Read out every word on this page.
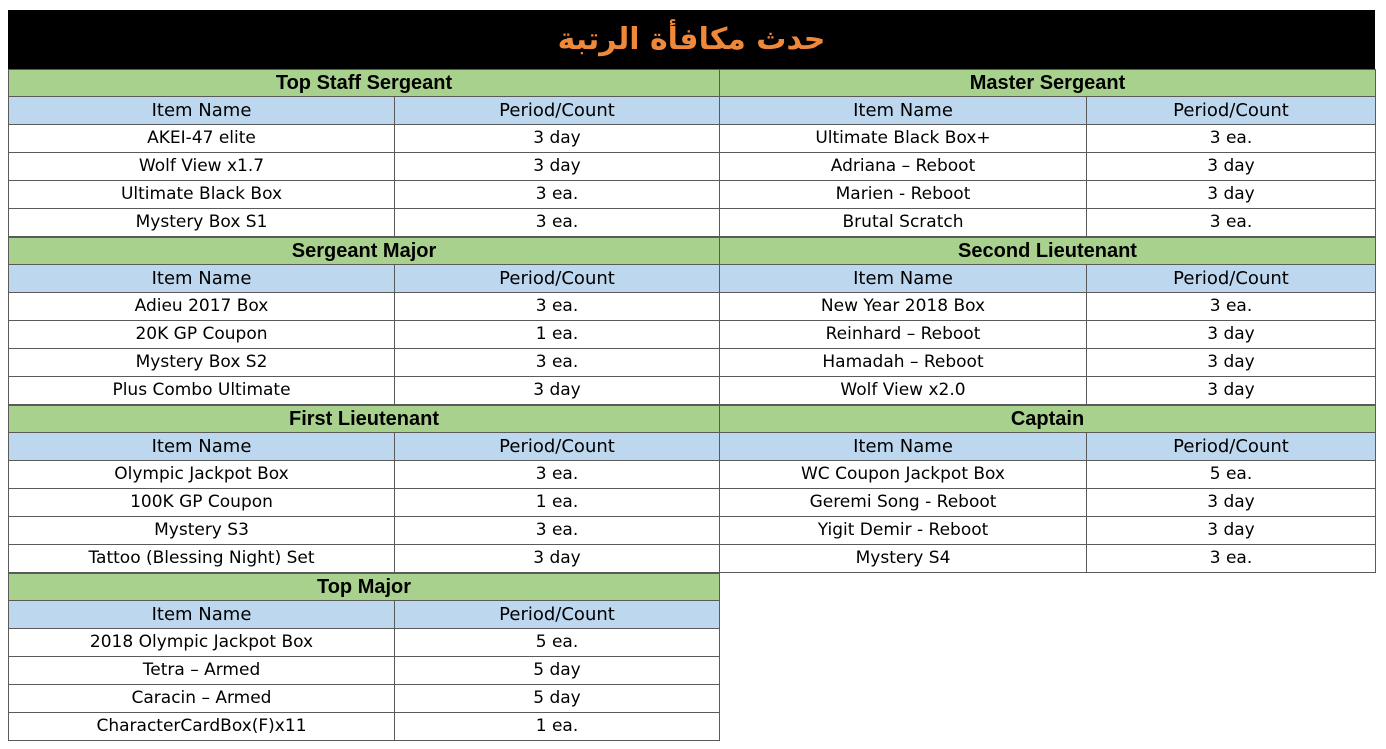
حدث مكافأة الرتبة
Top Staff Sergeant	
Item Name	Period/Count
AKEI-47 elite	3 day
Wolf View x1.7	3 day
Ultimate Black Box	3 ea.
Mystery Box S1	3 ea.
Master Sergeant	
Item Name	Period/Count
Ultimate Black Box+	3 ea.
Adriana – Reboot	3 day
Marien - Reboot	3 day
Brutal Scratch	3 ea.
Sergeant Major	
Item Name	Period/Count
Adieu 2017 Box	3 ea.
20K GP Coupon	1 ea.
Mystery Box S2	3 ea.
Plus Combo Ultimate	3 day
Second Lieutenant	
Item Name	Period/Count
New Year 2018 Box	3 ea.
Reinhard – Reboot	3 day
Hamadah – Reboot	3 day
Wolf View x2.0	3 day
First Lieutenant	
Item Name	Period/Count
Olympic Jackpot Box	3 ea.
100K GP Coupon	1 ea.
Mystery S3	3 ea.
Tattoo (Blessing Night) Set	3 day
Captain	
Item Name	Period/Count
WC Coupon Jackpot Box	5 ea.
Geremi Song - Reboot	3 day
Yigit Demir - Reboot	3 day
Mystery S4	3 ea.
Top Major	
Item Name	Period/Count
2018 Olympic Jackpot Box	5 ea.
Tetra – Armed	5 day
Caracin – Armed	5 day
CharacterCardBox(F)x11	1 ea.
